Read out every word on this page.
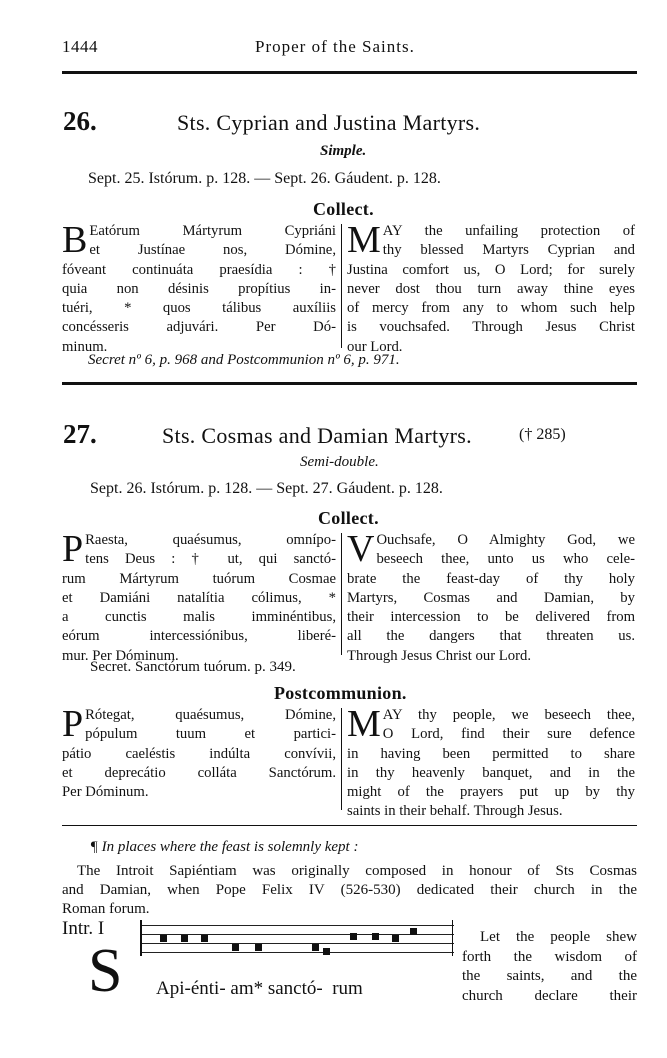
1444	Proper of the Saints.
26.	Sts. Cyprian and Justina Martyrs.
Simple.
Sept. 25. Istórum. p. 128. — Sept. 26. Gáudent. p. 128.
Collect.
B Eatórum Mártyrum Cypriáni
et Justínae nos, Dómine,
fóveant continuáta praesídia : †
quia non désinis propítius in-
tuéri, * quos tálibus auxíliis
concésseris adjuvári. Per Dó-
minum.
M AY the unfailing protection of
thy blessed Martyrs Cyprian and
Justina comfort us, O Lord; for surely
never dost thou turn away thine eyes
of mercy from any to whom such help
is vouchsafed. Through Jesus Christ
our Lord.
Secret nº 6, p. 968 and Postcommunion nº 6, p. 971.
27.	Sts. Cosmas and Damian Martyrs.	(† 285)
Semi-double.
Sept. 26. Istórum. p. 128. — Sept. 27. Gáudent. p. 128.
Collect.
P Raesta, quaésumus, omnípo-
tens Deus : † ut, qui sanctó-
rum Mártyrum tuórum Cosmae
et Damiáni natalítia cólimus, *
a cunctis malis imminéntibus,
eórum intercessiónibus, liberé-
mur. Per Dóminum.
V Ouchsafe, O Almighty God, we
beseech thee, unto us who cele-
brate the feast-day of thy holy
Martyrs, Cosmas and Damian, by
their intercession to be delivered from
all the dangers that threaten us.
Through Jesus Christ our Lord.
Secret. Sanctórum tuórum. p. 349.
Postcommunion.
P Rótegat, quaésumus, Dómine,
pópulum tuum et partici-
pátio caeléstis indúlta convívii,
et deprecátio colláta Sanctórum.
Per Dóminum.
M AY thy people, we beseech thee,
O Lord, find their sure defence
in having been permitted to share
in thy heavenly banquet, and in the
might of the prayers put up by thy
saints in their behalf. Through Jesus.
¶ In places where the feast is solemnly kept :
The Introit Sapiéntiam was originally composed in honour of Sts Cosmas
and Damian, when Pope Felix IV (526-530) dedicated their church in the
Roman forum.
Intr. I
S Api-énti- am* sanctó-  rum
Let the people shew
forth the wisdom of
the saints, and the
church declare their
